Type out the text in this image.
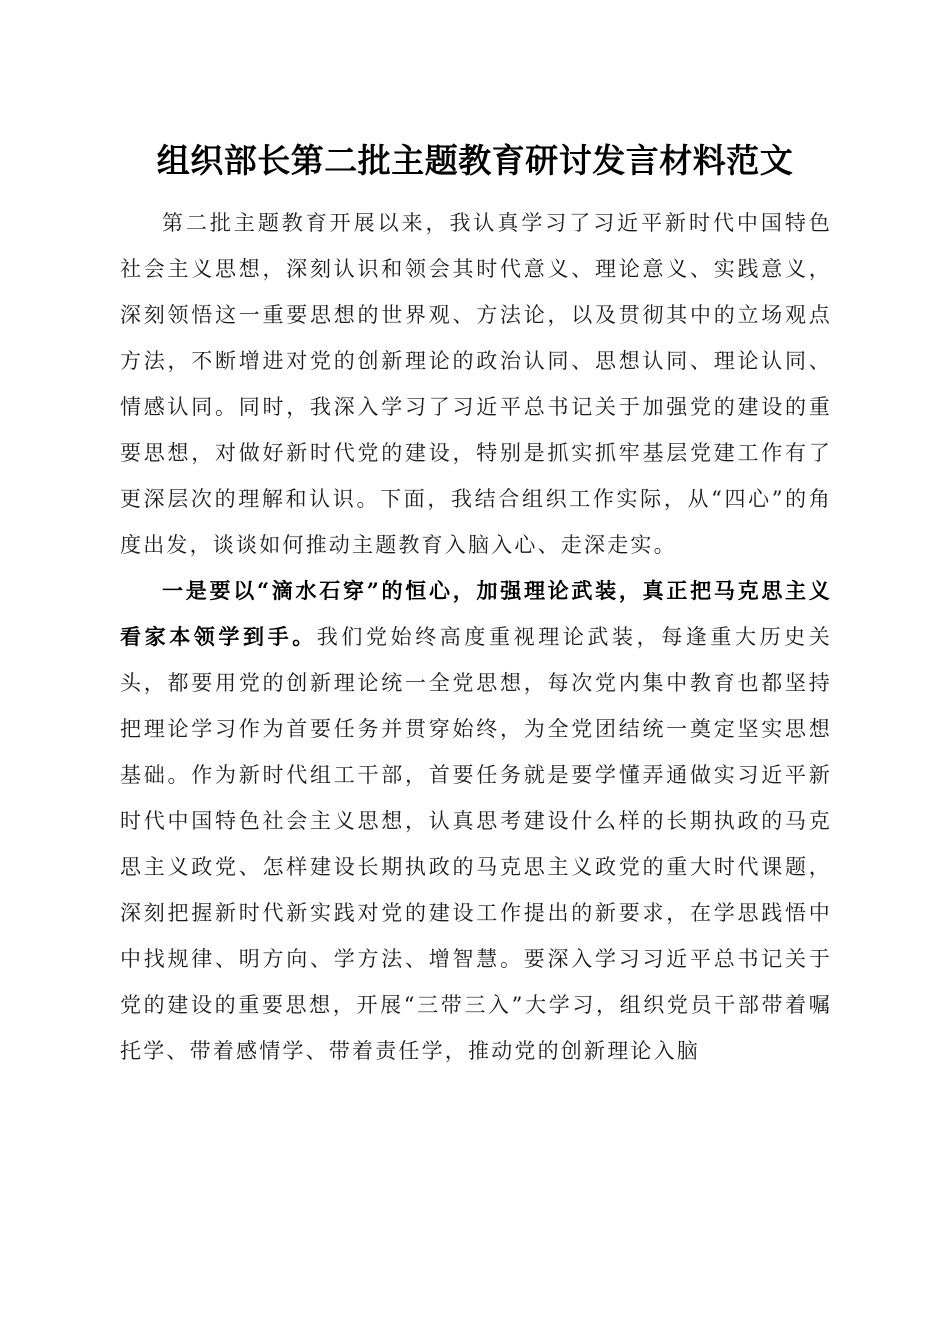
组织部长第二批主题教育研讨发言材料范文

第二批主题教育开展以来，我认真学习了习近平新时代中国特色社会主义思想，深刻认识和领会其时代意义、理论意义、实践意义，深刻领悟这一重要思想的世界观、方法论，以及贯彻其中的立场观点方法，不断增进对党的创新理论的政治认同、思想认同、理论认同、情感认同。同时，我深入学习了习近平总书记关于加强党的建设的重要思想，对做好新时代党的建设，特别是抓实抓牢基层党建工作有了更深层次的理解和认识。下面，我结合组织工作实际，从“四心”的角度出发，谈谈如何推动主题教育入脑入心、走深走实。

一是要以“滴水石穿”的恒心，加强理论武装，真正把马克思主义看家本领学到手。我们党始终高度重视理论武装，每逢重大历史关头，都要用党的创新理论统一全党思想，每次党内集中教育也都坚持把理论学习作为首要任务并贯穿始终，为全党团结统一奠定坚实思想基础。作为新时代组工干部，首要任务就是要学懂弄通做实习近平新时代中国特色社会主义思想，认真思考建设什么样的长期执政的马克思主义政党、怎样建设长期执政的马克思主义政党的重大时代课题，深刻把握新时代新实践对党的建设工作提出的新要求，在学思践悟中中找规律、明方向、学方法、增智慧。要深入学习习近平总书记关于党的建设的重要思想，开展“三带三入”大学习，组织党员干部带着嘱托学、带着感情学、带着责任学，推动党的创新理论入脑
